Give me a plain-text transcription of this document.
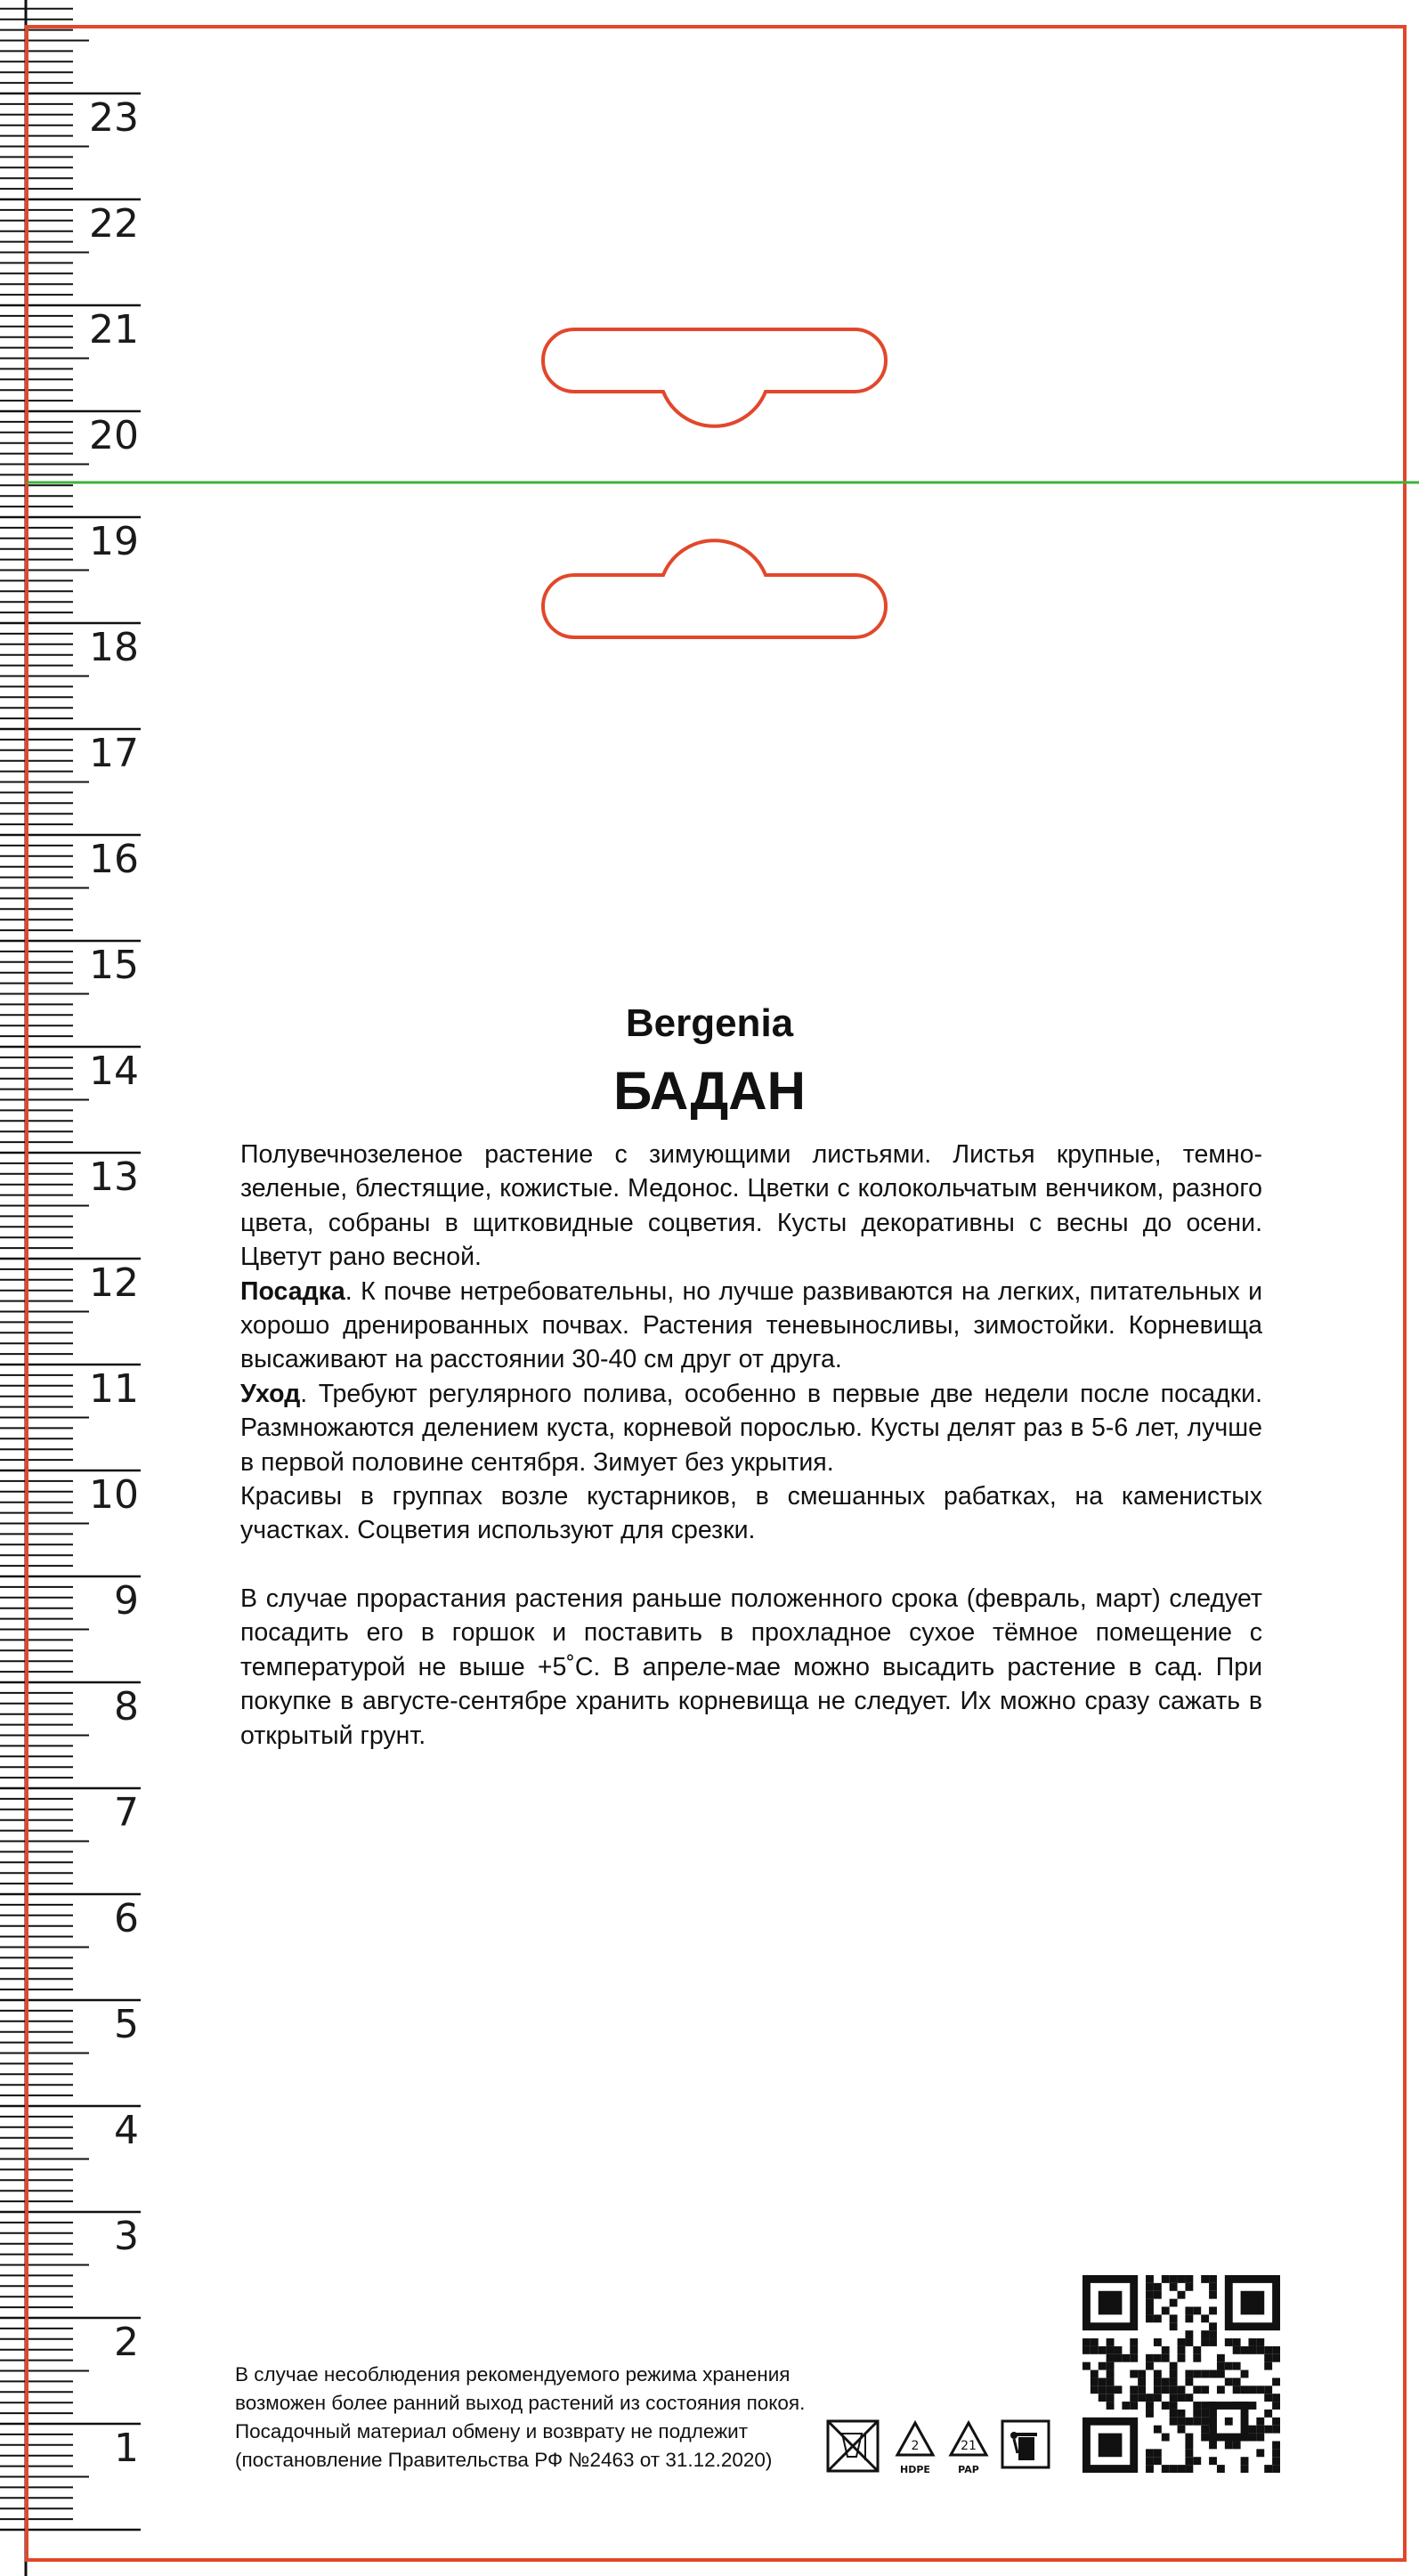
23
22
21
20
19
18
17
16
15
14
13
12
11
10
9
8
7
6
5
4
3
2
1
Bergenia
БАДАН

Полувечнозеленое растение с зимующими листьями. Листья крупные, темно-зеленые, блестящие, кожистые. Медонос. Цветки с колокольчатым венчиком, разного цвета, собраны в щитковидные соцветия. Кусты декоративны с весны до осени. Цветут рано весной.

Посадка. К почве нетребовательны, но лучше развиваются на легких, питательных и хорошо дренированных почвах. Растения теневыносливы, зимостойки. Корневища высаживают на расстоянии 30-40 см друг от друга.

Уход. Требуют регулярного полива, особенно в первые две недели после посадки. Размножаются делением куста, корневой порослью. Кусты делят раз в 5-6 лет, лучше в первой половине сентября. Зимует без укрытия.

Красивы в группах возле кустарников, в смешанных рабатках, на каменистых участках. Соцветия используют для срезки.

В случае прорастания растения раньше положенного срока (февраль, март) следует посадить его в горшок и поставить в прохладное сухое тёмное помещение с температурой не выше +5˚С. В апреле-мае можно высадить растение в сад. При покупке в августе-сентябре хранить корневища не следует. Их можно сразу сажать в открытый грунт.

В случае несоблюдения рекомендуемого режима хранения
возможен более ранний выход растений из состояния покоя.
Посадочный материал обмену и возврату не подлежит
(постановление Правительства РФ №2463 от 31.12.2020)
2
HDPE
21
PAP
